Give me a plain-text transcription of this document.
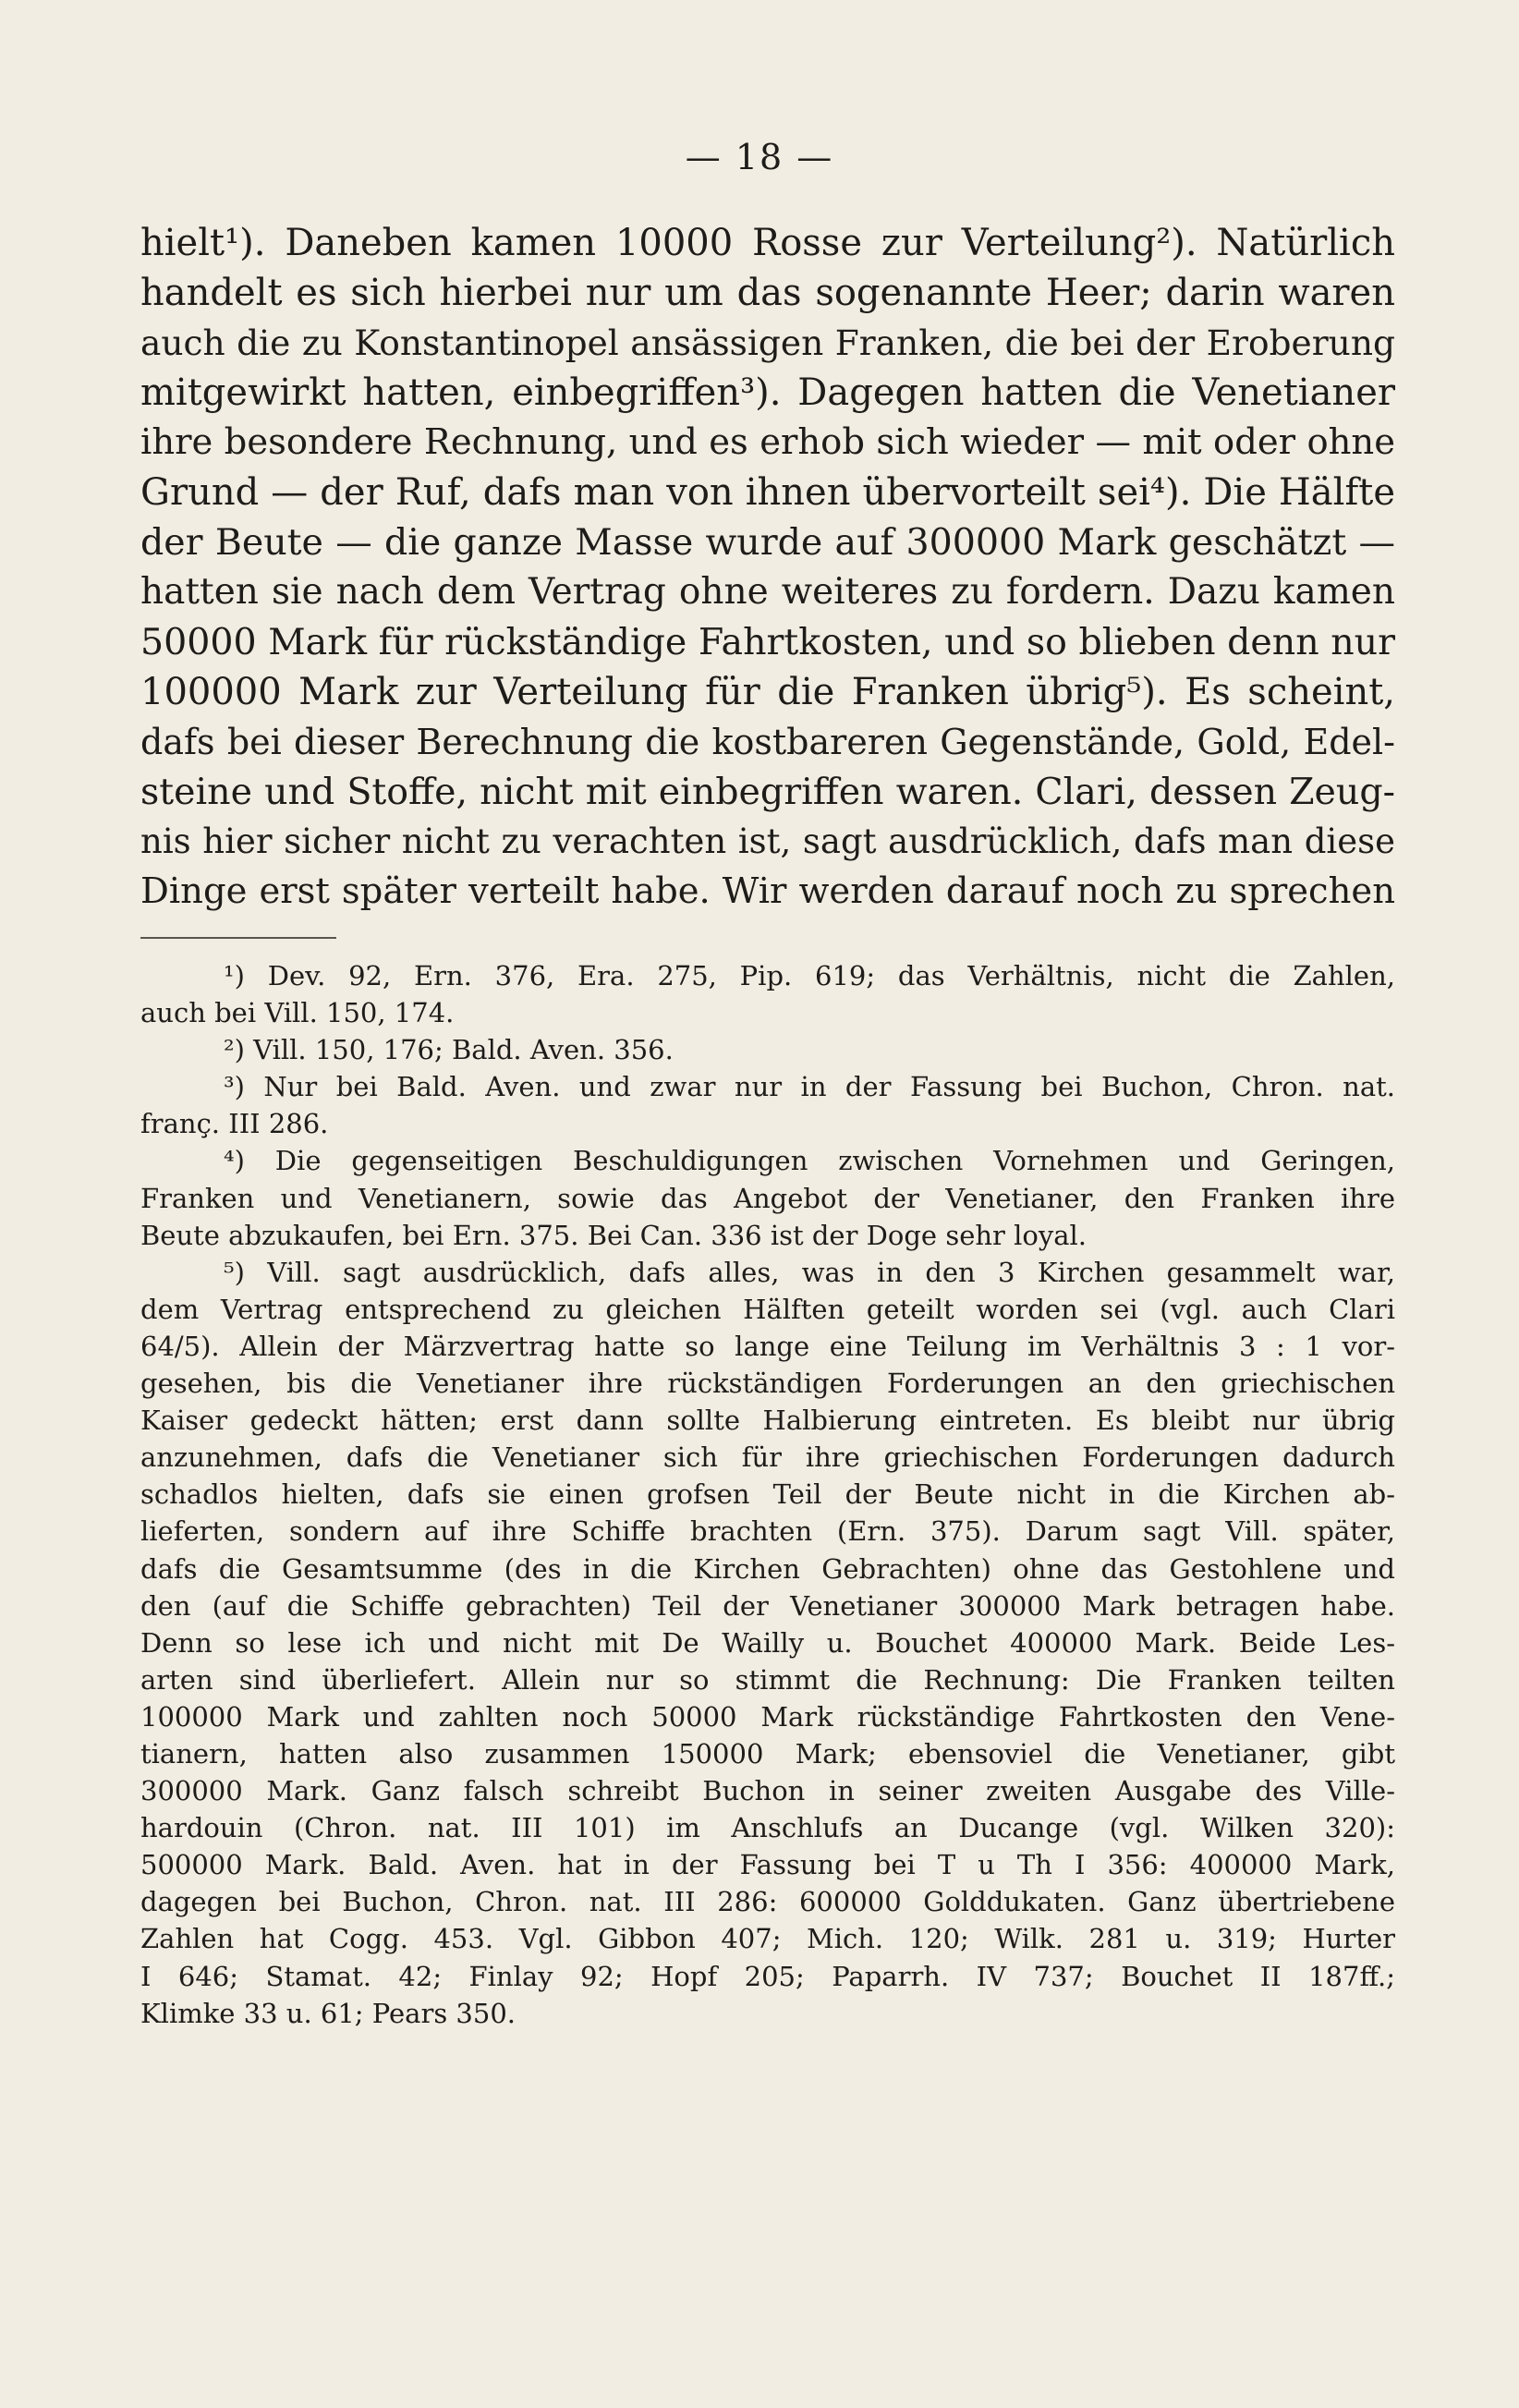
— 18 —
hielt¹). Daneben kamen 10000 Rosse zur Verteilung²). Natürlich
handelt es sich hierbei nur um das sogenannte Heer; darin waren
auch die zu Konstantinopel ansässigen Franken, die bei der Eroberung
mitgewirkt hatten, einbegriffen³). Dagegen hatten die Venetianer
ihre besondere Rechnung, und es erhob sich wieder — mit oder ohne
Grund — der Ruf, dafs man von ihnen übervorteilt sei⁴). Die Hälfte
der Beute — die ganze Masse wurde auf 300000 Mark geschätzt —
hatten sie nach dem Vertrag ohne weiteres zu fordern. Dazu kamen
50000 Mark für rückständige Fahrtkosten, und so blieben denn nur
100000 Mark zur Verteilung für die Franken übrig⁵). Es scheint,
dafs bei dieser Berechnung die kostbareren Gegenstände, Gold, Edel-
steine und Stoffe, nicht mit einbegriffen waren. Clari, dessen Zeug-
nis hier sicher nicht zu verachten ist, sagt ausdrücklich, dafs man diese
Dinge erst später verteilt habe. Wir werden darauf noch zu sprechen
¹) Dev. 92, Ern. 376, Era. 275, Pip. 619; das Verhältnis, nicht die Zahlen,
auch bei Vill. 150, 174.
²) Vill. 150, 176; Bald. Aven. 356.
³) Nur bei Bald. Aven. und zwar nur in der Fassung bei Buchon, Chron. nat.
franç. III 286.
⁴) Die gegenseitigen Beschuldigungen zwischen Vornehmen und Geringen,
Franken und Venetianern, sowie das Angebot der Venetianer, den Franken ihre
Beute abzukaufen, bei Ern. 375. Bei Can. 336 ist der Doge sehr loyal.
⁵) Vill. sagt ausdrücklich, dafs alles, was in den 3 Kirchen gesammelt war,
dem Vertrag entsprechend zu gleichen Hälften geteilt worden sei (vgl. auch Clari
64/5). Allein der Märzvertrag hatte so lange eine Teilung im Verhältnis 3 : 1 vor-
gesehen, bis die Venetianer ihre rückständigen Forderungen an den griechischen
Kaiser gedeckt hätten; erst dann sollte Halbierung eintreten. Es bleibt nur übrig
anzunehmen, dafs die Venetianer sich für ihre griechischen Forderungen dadurch
schadlos hielten, dafs sie einen grofsen Teil der Beute nicht in die Kirchen ab-
lieferten, sondern auf ihre Schiffe brachten (Ern. 375). Darum sagt Vill. später,
dafs die Gesamtsumme (des in die Kirchen Gebrachten) ohne das Gestohlene und
den (auf die Schiffe gebrachten) Teil der Venetianer 300000 Mark betragen habe.
Denn so lese ich und nicht mit De Wailly u. Bouchet 400000 Mark. Beide Les-
arten sind überliefert. Allein nur so stimmt die Rechnung: Die Franken teilten
100000 Mark und zahlten noch 50000 Mark rückständige Fahrtkosten den Vene-
tianern, hatten also zusammen 150000 Mark; ebensoviel die Venetianer, gibt
300000 Mark. Ganz falsch schreibt Buchon in seiner zweiten Ausgabe des Ville-
hardouin (Chron. nat. III 101) im Anschlufs an Ducange (vgl. Wilken 320):
500000 Mark. Bald. Aven. hat in der Fassung bei T u Th I 356: 400000 Mark,
dagegen bei Buchon, Chron. nat. III 286: 600000 Golddukaten. Ganz übertriebene
Zahlen hat Cogg. 453. Vgl. Gibbon 407; Mich. 120; Wilk. 281 u. 319; Hurter
I 646; Stamat. 42; Finlay 92; Hopf 205; Paparrh. IV 737; Bouchet II 187ff.;
Klimke 33 u. 61; Pears 350.
